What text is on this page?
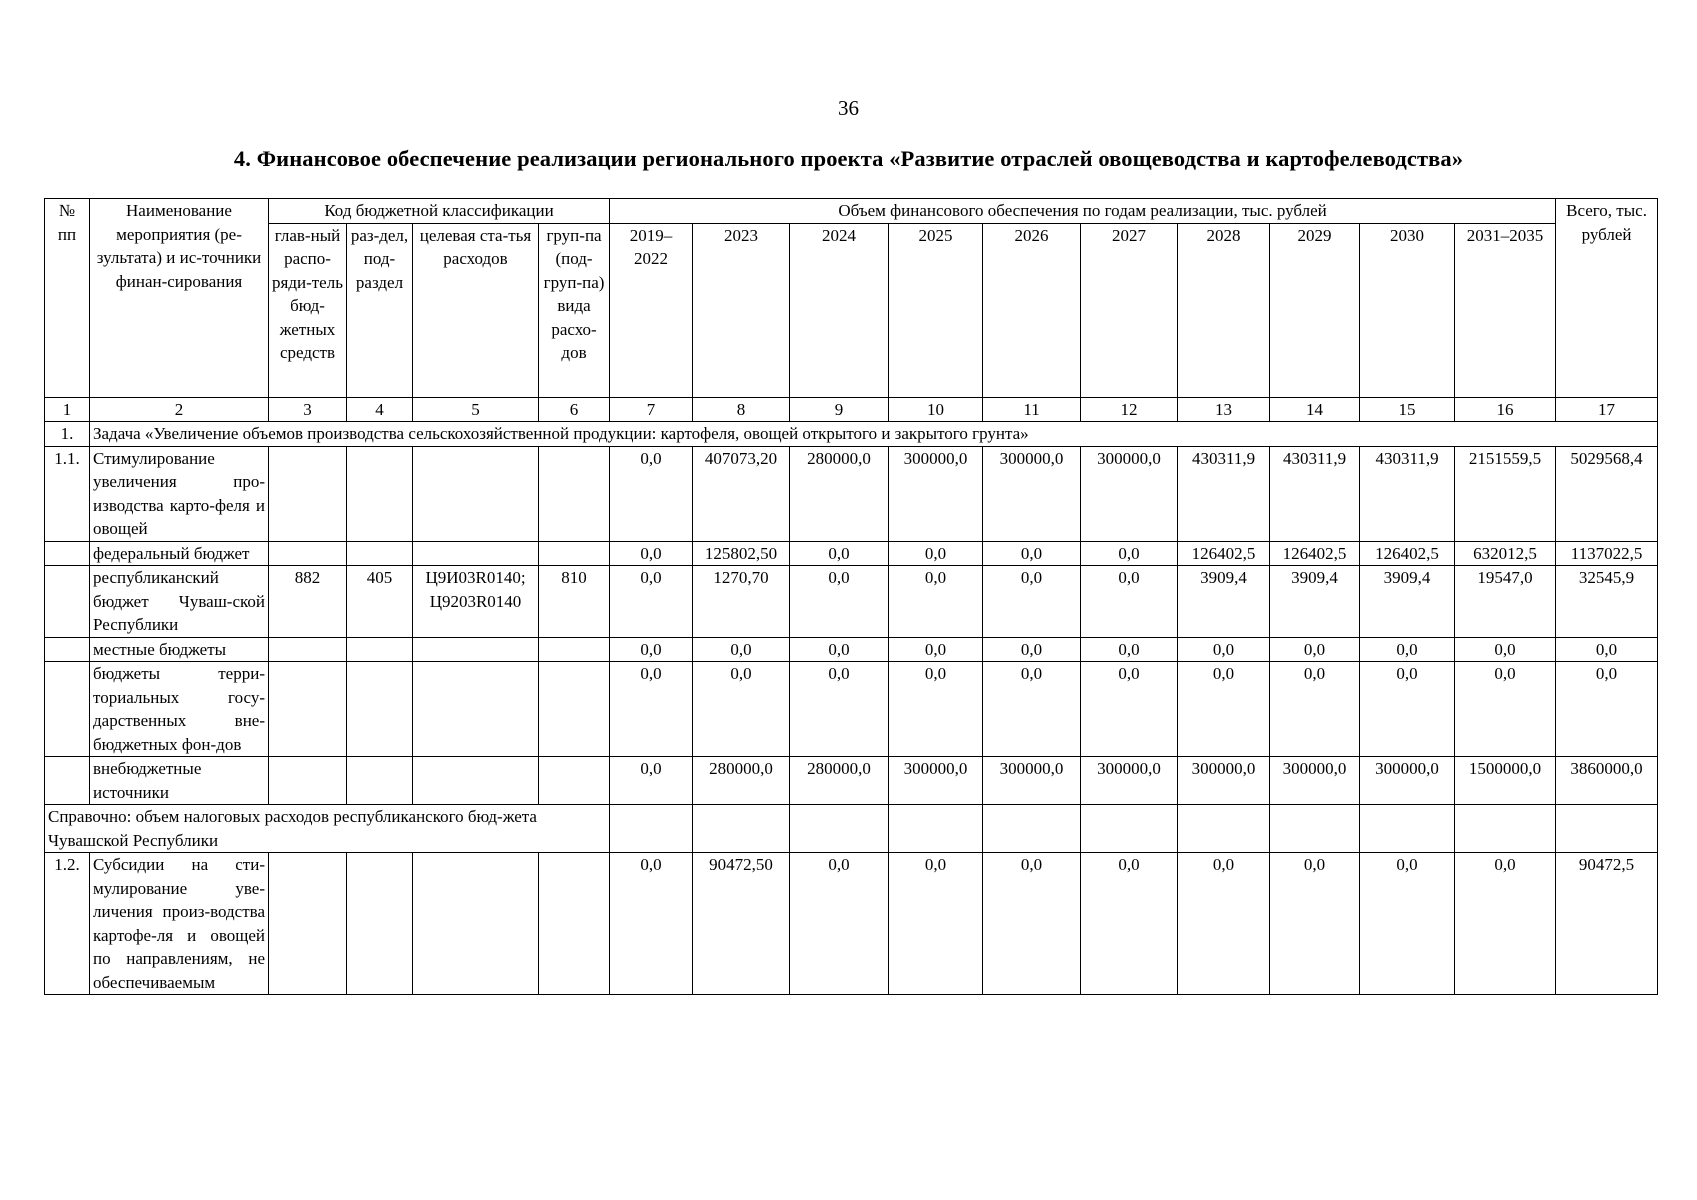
36
4. Финансовое обеспечение реализации регионального проекта «Развитие отраслей овощеводства и картофелеводства»
№ пп	Наименование мероприятия (ре-зультата) и ис-точники финан-сирования	Код бюджетной классификации				Объем финансового обеспечения по годам реализации, тыс. рублей										Всего, тыс. рублей
		глав-ный распо-ряди-тель бюд-жетных средств	раз-дел, под-раздел	целевая ста-тья расходов	груп-па (под-груп-па) вида расхо-дов	2019–2022	2023	2024	2025	2026	2027	2028	2029	2030	2031–2035	
1	2	3	4	5	6	7	8	9	10	11	12	13	14	15	16	17
1.	Задача «Увеличение объемов производства сельскохозяйственной продукции: картофеля, овощей открытого и закрытого грунта»															
1.1.	Стимулирование увеличения про-изводства карто-феля и овощей					0,0	407073,20	280000,0	300000,0	300000,0	300000,0	430311,9	430311,9	430311,9	2151559,5	5029568,4
	федеральный бюджет					0,0	125802,50	0,0	0,0	0,0	0,0	126402,5	126402,5	126402,5	632012,5	1137022,5
	республиканский бюджет Чуваш-ской Республики	882	405	Ц9И03R0140; Ц9203R0140	810	0,0	1270,70	0,0	0,0	0,0	0,0	3909,4	3909,4	3909,4	19547,0	32545,9
	местные бюджеты					0,0	0,0	0,0	0,0	0,0	0,0	0,0	0,0	0,0	0,0	0,0
	бюджеты терри-ториальных госу-дарственных вне-бюджетных фон-дов					0,0	0,0	0,0	0,0	0,0	0,0	0,0	0,0	0,0	0,0	0,0
	внебюджетные источники					0,0	280000,0	280000,0	300000,0	300000,0	300000,0	300000,0	300000,0	300000,0	1500000,0	3860000,0
Справочно: объем налоговых расходов республиканского бюд-жета Чувашской Республики																
1.2.	Субсидии на сти-мулирование уве-личения произ-водства картофе-ля и овощей по направлениям, не обеспечиваемым					0,0	90472,50	0,0	0,0	0,0	0,0	0,0	0,0	0,0	0,0	90472,5
